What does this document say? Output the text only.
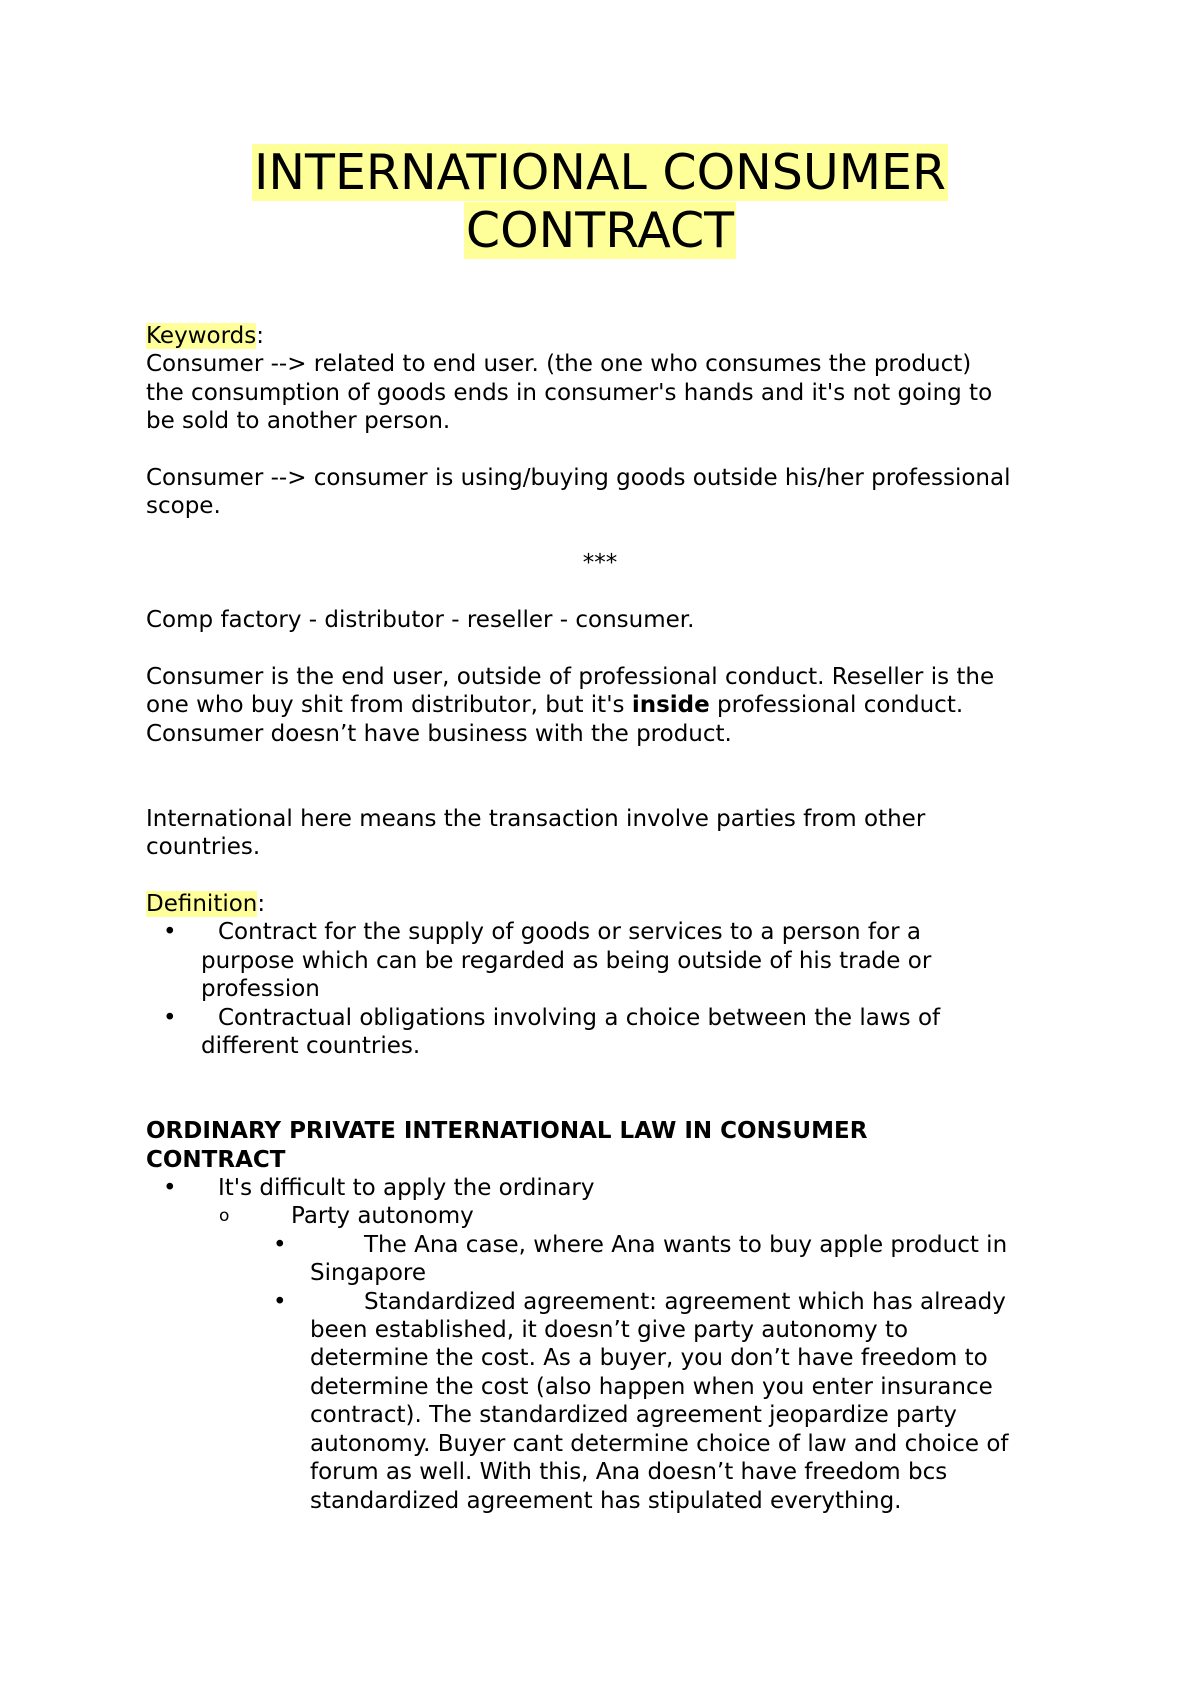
INTERNATIONAL CONSUMER
CONTRACT

Keywords:

Consumer --> related to end user. (the one who consumes the product)

the consumption of goods ends in consumer's hands and it's not going to

be sold to another person.

Consumer --> consumer is using/buying goods outside his/her professional

scope.

***

Comp factory - distributor - reseller - consumer.

Consumer is the end user, outside of professional conduct. Reseller is the

one who buy shit from distributor, but it's inside professional conduct.

Consumer doesn’t have business with the product.

International here means the transaction involve parties from other

countries.

Definition:

•	Contract for the supply of goods or services to a person for a
purpose which can be regarded as being outside of his trade or
profession
•	Contractual obligations involving a choice between the laws of
different countries.

ORDINARY PRIVATE INTERNATIONAL LAW IN CONSUMER

CONTRACT

•	It's difficult to apply the ordinary
o	Party autonomy
•	The Ana case, where Ana wants to buy apple product in
Singapore
•	Standardized agreement: agreement which has already
been established, it doesn’t give party autonomy to
determine the cost. As a buyer, you don’t have freedom to
determine the cost (also happen when you enter insurance
contract). The standardized agreement jeopardize party
autonomy. Buyer cant determine choice of law and choice of
forum as well. With this, Ana doesn’t have freedom bcs
standardized agreement has stipulated everything.
